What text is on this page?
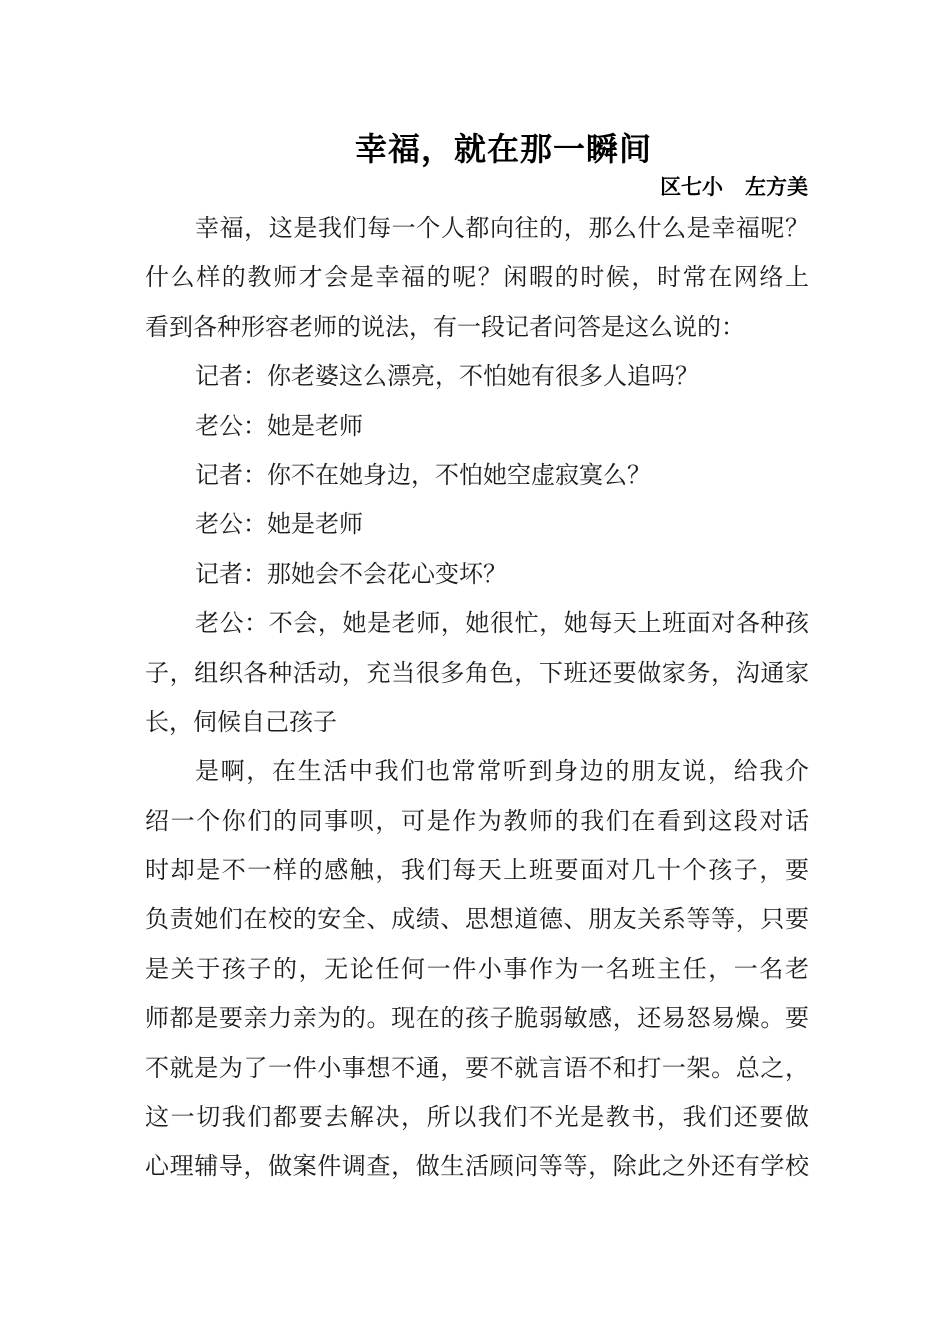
幸福，就在那一瞬间
区七小   左方美
幸福，这是我们每一个人都向往的，那么什么是幸福呢？
什么样的教师才会是幸福的呢？闲暇的时候，时常在网络上
看到各种形容老师的说法，有一段记者问答是这么说的：
记者：你老婆这么漂亮，不怕她有很多人追吗？
老公：她是老师
记者：你不在她身边，不怕她空虚寂寞么？
老公：她是老师
记者：那她会不会花心变坏？
老公：不会，她是老师，她很忙，她每天上班面对各种孩
子，组织各种活动，充当很多角色，下班还要做家务，沟通家
长，伺候自己孩子
是啊，在生活中我们也常常听到身边的朋友说，给我介
绍一个你们的同事呗，可是作为教师的我们在看到这段对话
时却是不一样的感触，我们每天上班要面对几十个孩子，要
负责她们在校的安全、成绩、思想道德、朋友关系等等，只要
是关于孩子的，无论任何一件小事作为一名班主任，一名老
师都是要亲力亲为的。现在的孩子脆弱敏感，还易怒易燥。要
不就是为了一件小事想不通，要不就言语不和打一架。总之，
这一切我们都要去解决，所以我们不光是教书，我们还要做
心理辅导，做案件调查，做生活顾问等等，除此之外还有学校
